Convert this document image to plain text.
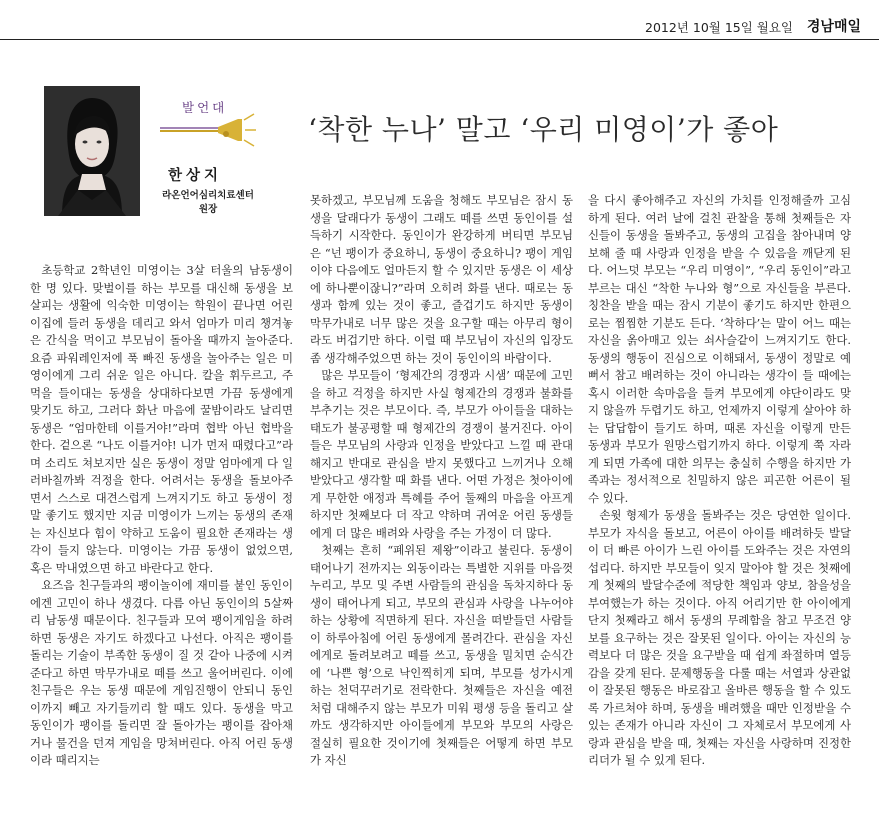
2012년 10월 15일 월요일 경남매일
발언대
한상지
라온언어심리치료센터
원장
‘착한 누나’ 말고 ‘우리 미영이’가 좋아

초등학교 2학년인 미영이는 3살 터울의 남동생이 한 명 있다. 맞벌이를 하는 부모를 대신해 동생을 보살피는 생활에 익숙한 미영이는 학원이 끝나면 어린이집에 들러 동생을 데리고 와서 엄마가 미리 챙겨놓은 간식을 먹이고 부모님이 돌아올 때까지 놀아준다. 요즘 파워레인저에 푹 빠진 동생을 놀아주는 일은 미영이에게 그리 쉬운 일은 아니다. 칼을 휘두르고, 주먹을 들이대는 동생을 상대하다보면 가끔 동생에게 맞기도 하고, 그러다 화난 마음에 꿀밤이라도 날리면 동생은 “엄마한테 이를거야!”라며 협박 아닌 협박을 한다. 겉으론 “나도 이를거야! 니가 먼저 때렸다고”라며 소리도 쳐보지만 실은 동생이 정말 엄마에게 다 일러바칠까봐 걱정을 한다. 어려서는 동생을 돌보아주면서 스스로 대견스럽게 느껴지기도 하고 동생이 정말 좋기도 했지만 지금 미영이가 느끼는 동생의 존재는 자신보다 힘이 약하고 도움이 필요한 존재라는 생각이 들지 않는다. 미영이는 가끔 동생이 없었으면, 혹은 막내였으면 하고 바란다고 한다.

요즈음 친구들과의 팽이놀이에 재미를 붙인 동인이에겐 고민이 하나 생겼다. 다름 아닌 동인이의 5살짜리 남동생 때문이다. 친구들과 모여 팽이게임을 하려하면 동생은 자기도 하겠다고 나선다. 아직은 팽이를 돌리는 기술이 부족한 동생이 질 것 같아 나중에 시켜준다고 하면 막무가내로 떼를 쓰고 울어버린다. 이에 친구들은 우는 동생 때문에 게임진행이 안되니 동인이까지 빼고 자기들끼리 할 때도 있다. 동생을 막고 동인이가 팽이를 돌리면 잘 돌아가는 팽이를 잡아채거나 물건을 던져 게임을 망쳐버린다. 아직 어린 동생이라 때리지는

못하겠고, 부모님께 도움을 청해도 부모님은 잠시 동생을 달래다가 동생이 그래도 떼를 쓰면 동인이를 설득하기 시작한다. 동인이가 완강하게 버티면 부모님은 “넌 팽이가 중요하니, 동생이 중요하니? 팽이 게임이야 다음에도 얼마든지 할 수 있지만 동생은 이 세상에 하나뿐이잖니?”라며 오히려 화를 낸다. 때로는 동생과 함께 있는 것이 좋고, 즐겁기도 하지만 동생이 막무가내로 너무 많은 것을 요구할 때는 아무리 형이라도 버겁기만 하다. 이럴 때 부모님이 자신의 입장도 좀 생각해주었으면 하는 것이 동인이의 바람이다.

많은 부모들이 ‘형제간의 경쟁과 시샘’ 때문에 고민을 하고 걱정을 하지만 사실 형제간의 경쟁과 불화를 부추기는 것은 부모이다. 즉, 부모가 아이들을 대하는 태도가 불공평할 때 형제간의 경쟁이 불거진다. 아이들은 부모님의 사랑과 인정을 받았다고 느낄 때 관대해지고 반대로 관심을 받지 못했다고 느끼거나 오해받았다고 생각할 때 화를 낸다. 어떤 가정은 첫아이에게 무한한 애정과 특혜를 주어 둘째의 마음을 아프게 하지만 첫째보다 더 작고 약하며 귀여운 어린 동생들에게 더 많은 배려와 사랑을 주는 가정이 더 많다.

첫째는 흔히 “폐위된 제왕”이라고 불린다. 동생이 태어나기 전까지는 외동이라는 특별한 지위를 마음껏 누리고, 부모 및 주변 사람들의 관심을 독차지하다 동생이 태어나게 되고, 부모의 관심과 사랑을 나누어야 하는 상황에 직면하게 된다. 자신을 떠받들던 사람들이 하루아침에 어린 동생에게 몰려간다. 관심을 자신에게로 돌려보려고 떼를 쓰고, 동생을 밀치면 순식간에 ‘나쁜 형’으로 낙인찍히게 되며, 부모를 성가시게 하는 천덕꾸러기로 전락한다. 첫째들은 자신을 예전처럼 대해주지 않는 부모가 미워 평생 등을 돌리고 살까도 생각하지만 아이들에게 부모와 부모의 사랑은 절실히 필요한 것이기에 첫째들은 어떻게 하면 부모가 자신

을 다시 좋아해주고 자신의 가치를 인정해줄까 고심하게 된다. 여러 날에 걸친 관찰을 통해 첫째들은 자신들이 동생을 돌봐주고, 동생의 고집을 참아내며 양보해 줄 때 사랑과 인정을 받을 수 있음을 깨닫게 된다. 어느덧 부모는 “우리 미영이”, “우리 동인이”라고 부르는 대신 “착한 누나와 형”으로 자신들을 부른다. 칭찬을 받을 때는 잠시 기분이 좋기도 하지만 한편으로는 찜찜한 기분도 든다. ‘착하다’는 말이 어느 때는 자신을 옭아매고 있는 쇠사슬같이 느껴지기도 한다. 동생의 행동이 진심으로 이해돼서, 동생이 정말로 예뻐서 참고 배려하는 것이 아니라는 생각이 들 때에는 혹시 이러한 속마음을 들켜 부모에게 야단이라도 맞지 않을까 두렵기도 하고, 언제까지 이렇게 살아야 하는 답답함이 들기도 하며, 때론 자신을 이렇게 만든 동생과 부모가 원망스럽기까지 하다. 이렇게 쭉 자라게 되면 가족에 대한 의무는 충실히 수행을 하지만 가족과는 정서적으로 친밀하지 않은 피곤한 어른이 될 수 있다.

손윗 형제가 동생을 돌봐주는 것은 당연한 일이다. 부모가 자식을 돌보고, 어른이 아이를 배려하듯 발달이 더 빠른 아이가 느린 아이를 도와주는 것은 자연의 섭리다. 하지만 부모들이 잊지 말아야 할 것은 첫째에게 첫째의 발달수준에 적당한 책임과 양보, 참을성을 부여했는가 하는 것이다. 아직 어리기만 한 아이에게 단지 첫째라고 해서 동생의 무례함을 참고 무조건 양보를 요구하는 것은 잘못된 일이다. 아이는 자신의 능력보다 더 많은 것을 요구받을 때 쉽게 좌절하며 열등감을 갖게 된다. 문제행동을 다룰 때는 서열과 상관없이 잘못된 행동은 바로잡고 올바른 행동을 할 수 있도록 가르쳐야 하며, 동생을 배려했을 때만 인정받을 수 있는 존재가 아니라 자신이 그 자체로서 부모에게 사랑과 관심을 받을 때, 첫째는 자신을 사랑하며 진정한 리더가 될 수 있게 된다.
